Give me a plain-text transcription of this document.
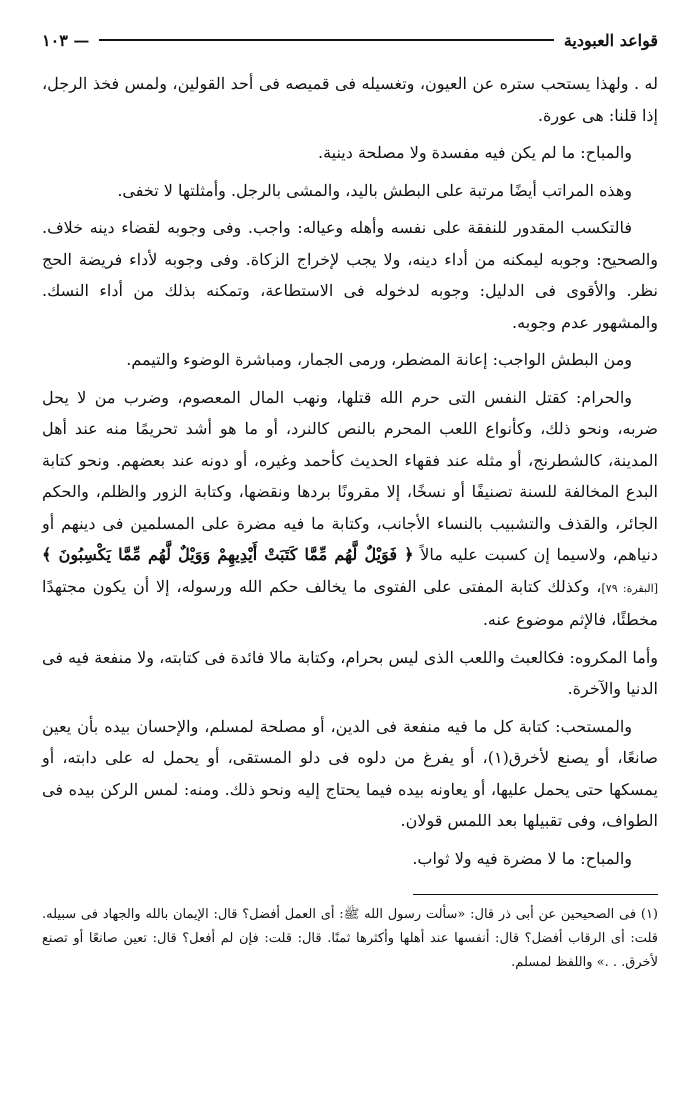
قواعد العبودية
١٠٣ —

له . ولهذا يستحب ستره عن العيون، وتغسيله فى قميصه فى أحد القولين، ولمس فخذ الرجل، إذا قلنا: هى عورة.

والمباح: ما لم يكن فيه مفسدة ولا مصلحة دينية.

وهذه المراتب أيضًا مرتبة على البطش باليد، والمشى بالرجل. وأمثلتها لا تخفى.

فالتكسب المقدور للنفقة على نفسه وأهله وعياله: واجب. وفى وجوبه لقضاء دينه خلاف. والصحيح: وجوبه ليمكنه من أداء دينه، ولا يجب لإخراج الزكاة. وفى وجوبه لأداء فريضة الحج نظر. والأقوى فى الدليل: وجوبه لدخوله فى الاستطاعة، وتمكنه بذلك من أداء النسك. والمشهور عدم وجوبه.

ومن البطش الواجب: إعانة المضطر، ورمى الجمار، ومباشرة الوضوء والتيمم.

والحرام: كقتل النفس التى حرم الله قتلها، ونهب المال المعصوم، وضرب من لا يحل ضربه، ونحو ذلك، وكأنواع اللعب المحرم بالنص كالنرد، أو ما هو أشد تحريمًا منه عند أهل المدينة، كالشطرنج، أو مثله عند فقهاء الحديث كأحمد وغيره، أو دونه عند بعضهم. ونحو كتابة البدع المخالفة للسنة تصنيفًا أو نسخًا، إلا مقرونًا بردها ونقضها، وكتابة الزور والظلم، والحكم الجائر، والقذف والتشبيب بالنساء الأجانب، وكتابة ما فيه مضرة على المسلمين فى دينهم أو دنياهم، ولاسيما إن كسبت عليه مالاً ﴿ فَوَيْلٌ لَّهُم مِّمَّا كَتَبَتْ أَيْدِيهِمْ وَوَيْلٌ لَّهُم مِّمَّا يَكْسِبُونَ ﴾ [البقرة: ٧٩]، وكذلك كتابة المفتى على الفتوى ما يخالف حكم الله ورسوله، إلا أن يكون مجتهدًا مخطئًا، فالإثم موضوع عنه.

وأما المكروه: فكالعبث واللعب الذى ليس بحرام، وكتابة مالا فائدة فى كتابته، ولا منفعة فيه فى الدنيا والآخرة.

والمستحب: كتابة كل ما فيه منفعة فى الدين، أو مصلحة لمسلم، والإحسان بيده بأن يعين صانعًا، أو يصنع لأخرق(١)، أو يفرغ من دلوه فى دلو المستقى، أو يحمل له على دابته، أو يمسكها حتى يحمل عليها، أو يعاونه بيده فيما يحتاج إليه ونحو ذلك. ومنه: لمس الركن بيده فى الطواف، وفى تقبيلها بعد اللمس قولان.

والمباح: ما لا مضرة فيه ولا ثواب.

(١) فى الصحيحين عن أبى ذر قال: «سألت رسول الله ﷺ: أى العمل أفضل؟ قال: الإيمان بالله والجهاد فى سبيله. قلت: أى الرقاب أفضل؟ قال: أنفسها عند أهلها وأكثرها ثمنًا. قال: قلت: فإن لم أفعل؟ قال: تعين صانعًا أو تصنع لأخرق. . .» واللفظ لمسلم.
